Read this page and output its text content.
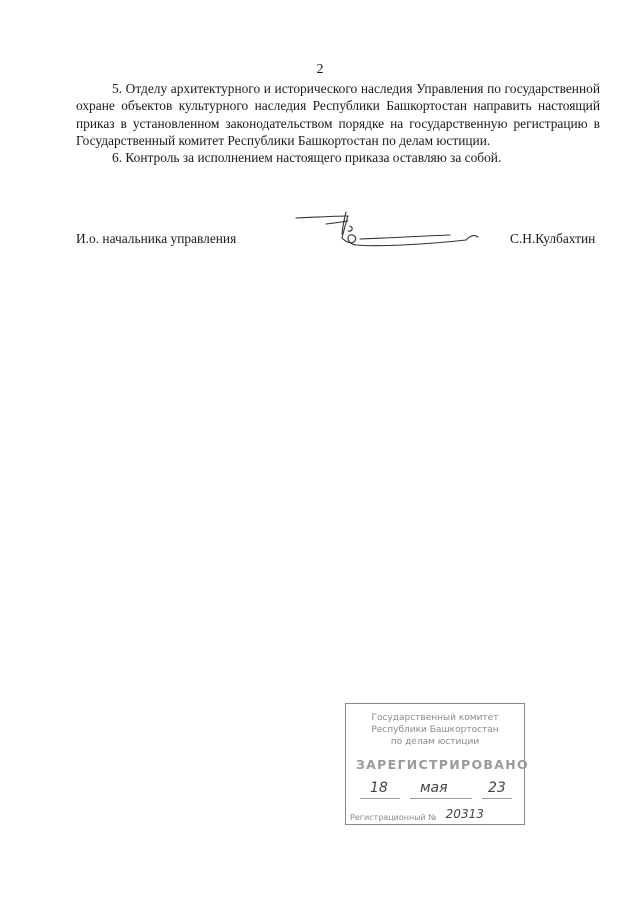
2

5. Отделу архитектурного и исторического наследия Управления по государственной охране объектов культурного наследия Республики Башкортостан направить настоящий приказ в установленном законодательством порядке на государственную регистрацию в Государственный комитет Республики Башкортостан по делам юстиции.

6. Контроль за исполнением настоящего приказа оставляю за собой.

И.о. начальника управления	С.Н.Кулбахтин
Государственный комитет
Республики Башкортостан
по делам юстиции
ЗАРЕГИСТРИРОВАНО
18 мая	23
Регистрационный № 20313
